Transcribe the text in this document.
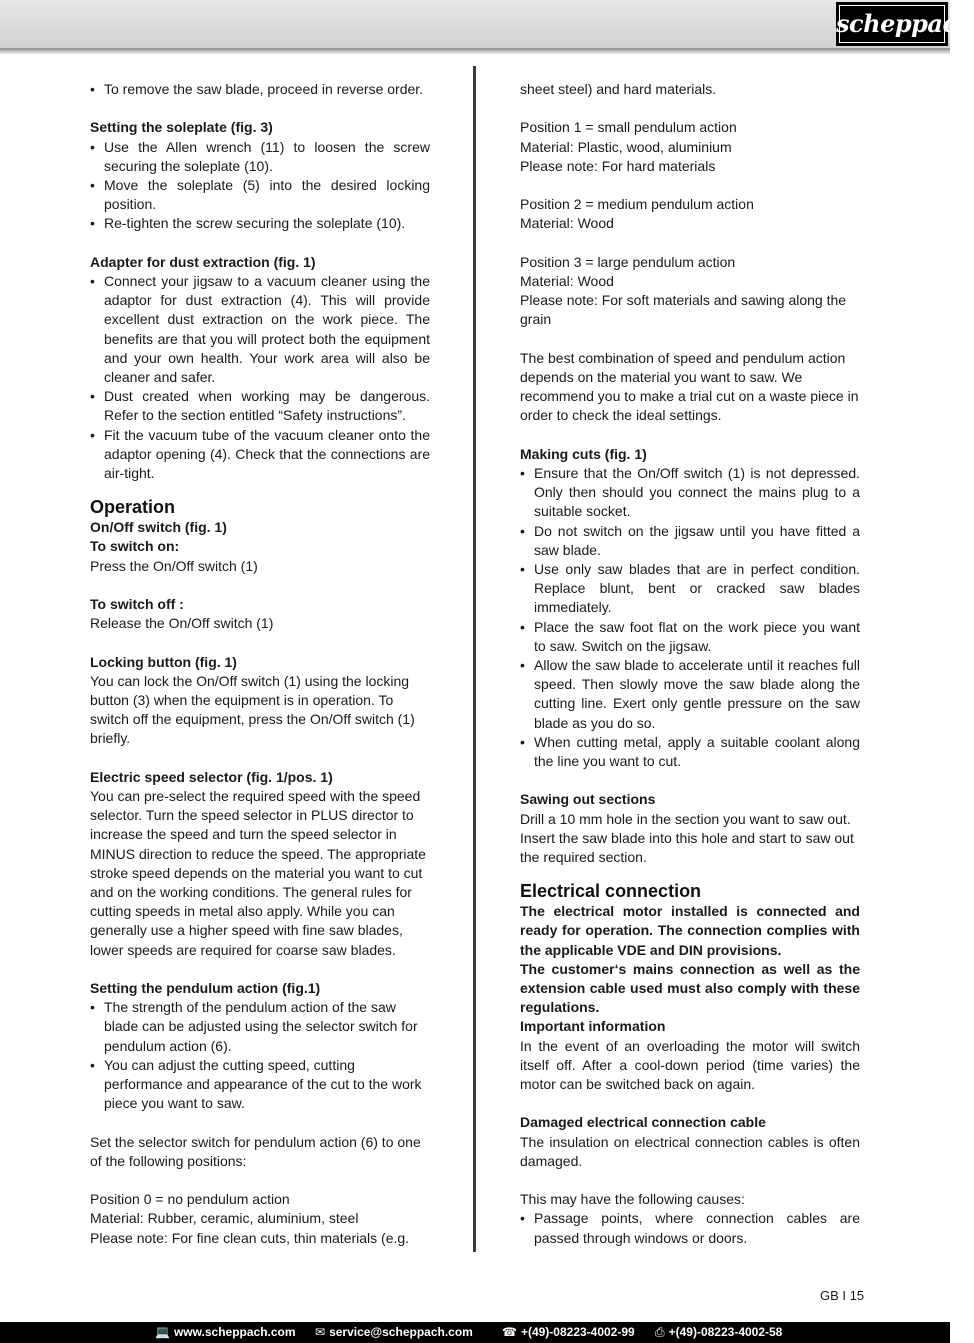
scheppach
• To remove the saw blade, proceed in reverse order.

Setting the soleplate (fig. 3)

• Use the Allen wrench (11) to loosen the screw securing the soleplate (10).
• Move the soleplate (5) into the desired locking position.
• Re-tighten the screw securing the soleplate (10).

Adapter for dust extraction (fig. 1)

• Connect your jigsaw to a vacuum cleaner using the adaptor for dust extraction (4). This will provide excellent dust extraction on the work piece. The benefits are that you will protect both the equipment and your own health. Your work area will also be cleaner and safer.
• Dust created when working may be dangerous. Refer to the section entitled “Safety instructions”.
• Fit the vacuum tube of the vacuum cleaner onto the adaptor opening (4). Check that the connections are air-tight.

Operation

On/Off switch (fig. 1)

To switch on:

Press the On/Off switch (1)

To switch off :

Release the On/Off switch (1)

Locking button (fig. 1)

You can lock the On/Off switch (1) using the locking button (3) when the equipment is in operation. To switch off the equipment, press the On/Off switch (1) briefly.

Electric speed selector (fig. 1/pos. 1)

You can pre-select the required speed with the speed selector. Turn the speed selector in PLUS director to increase the speed and turn the speed selector in MINUS direction to reduce the speed. The appropriate stroke speed depends on the material you want to cut and on the working conditions. The general rules for cutting speeds in metal also apply. While you can generally use a higher speed with fine saw blades, lower speeds are required for coarse saw blades.

Setting the pendulum action (fig.1)

• The strength of the pendulum action of the saw blade can be adjusted using the selector switch for pendulum action (6).
• You can adjust the cutting speed, cutting performance and appearance of the cut to the work piece you want to saw.

Set the selector switch for pendulum action (6) to one of the following positions:

Position 0 = no pendulum action

Material: Rubber, ceramic, aluminium, steel

Please note: For fine clean cuts, thin materials (e.g.

sheet steel) and hard materials.

Position 1 = small pendulum action

Material: Plastic, wood, aluminium

Please note: For hard materials

Position 2 = medium pendulum action

Material: Wood

Position 3 = large pendulum action

Material: Wood

Please note: For soft materials and sawing along the grain

The best combination of speed and pendulum action depends on the material you want to saw. We recommend you to make a trial cut on a waste piece in order to check the ideal settings.

Making cuts (fig. 1)

• Ensure that the On/Off switch (1) is not depressed. Only then should you connect the mains plug to a suitable socket.
• Do not switch on the jigsaw until you have fitted a saw blade.
• Use only saw blades that are in perfect condition. Replace blunt, bent or cracked saw blades immediately.
• Place the saw foot flat on the work piece you want to saw. Switch on the jigsaw.
• Allow the saw blade to accelerate until it reaches full speed. Then slowly move the saw blade along the cutting line. Exert only gentle pressure on the saw blade as you do so.
• When cutting metal, apply a suitable coolant along the line you want to cut.

Sawing out sections

Drill a 10 mm hole in the section you want to saw out. Insert the saw blade into this hole and start to saw out the required section.

Electrical connection

The electrical motor installed is connected and ready for operation. The connection complies with the applicable VDE and DIN provisions.

The customer‘s mains connection as well as the extension cable used must also comply with these regulations.

Important information

In the event of an overloading the motor will switch itself off. After a cool-down period (time varies) the motor can be switched back on again.

Damaged electrical connection cable

The insulation on electrical connection cables is often damaged.

This may have the following causes:

• Passage points, where connection cables are passed through windows or doors.
GB I 15
💻 www.scheppach.com ✉ service@scheppach.com ☎ +(49)-08223-4002-99 ⎙ +(49)-08223-4002-58
